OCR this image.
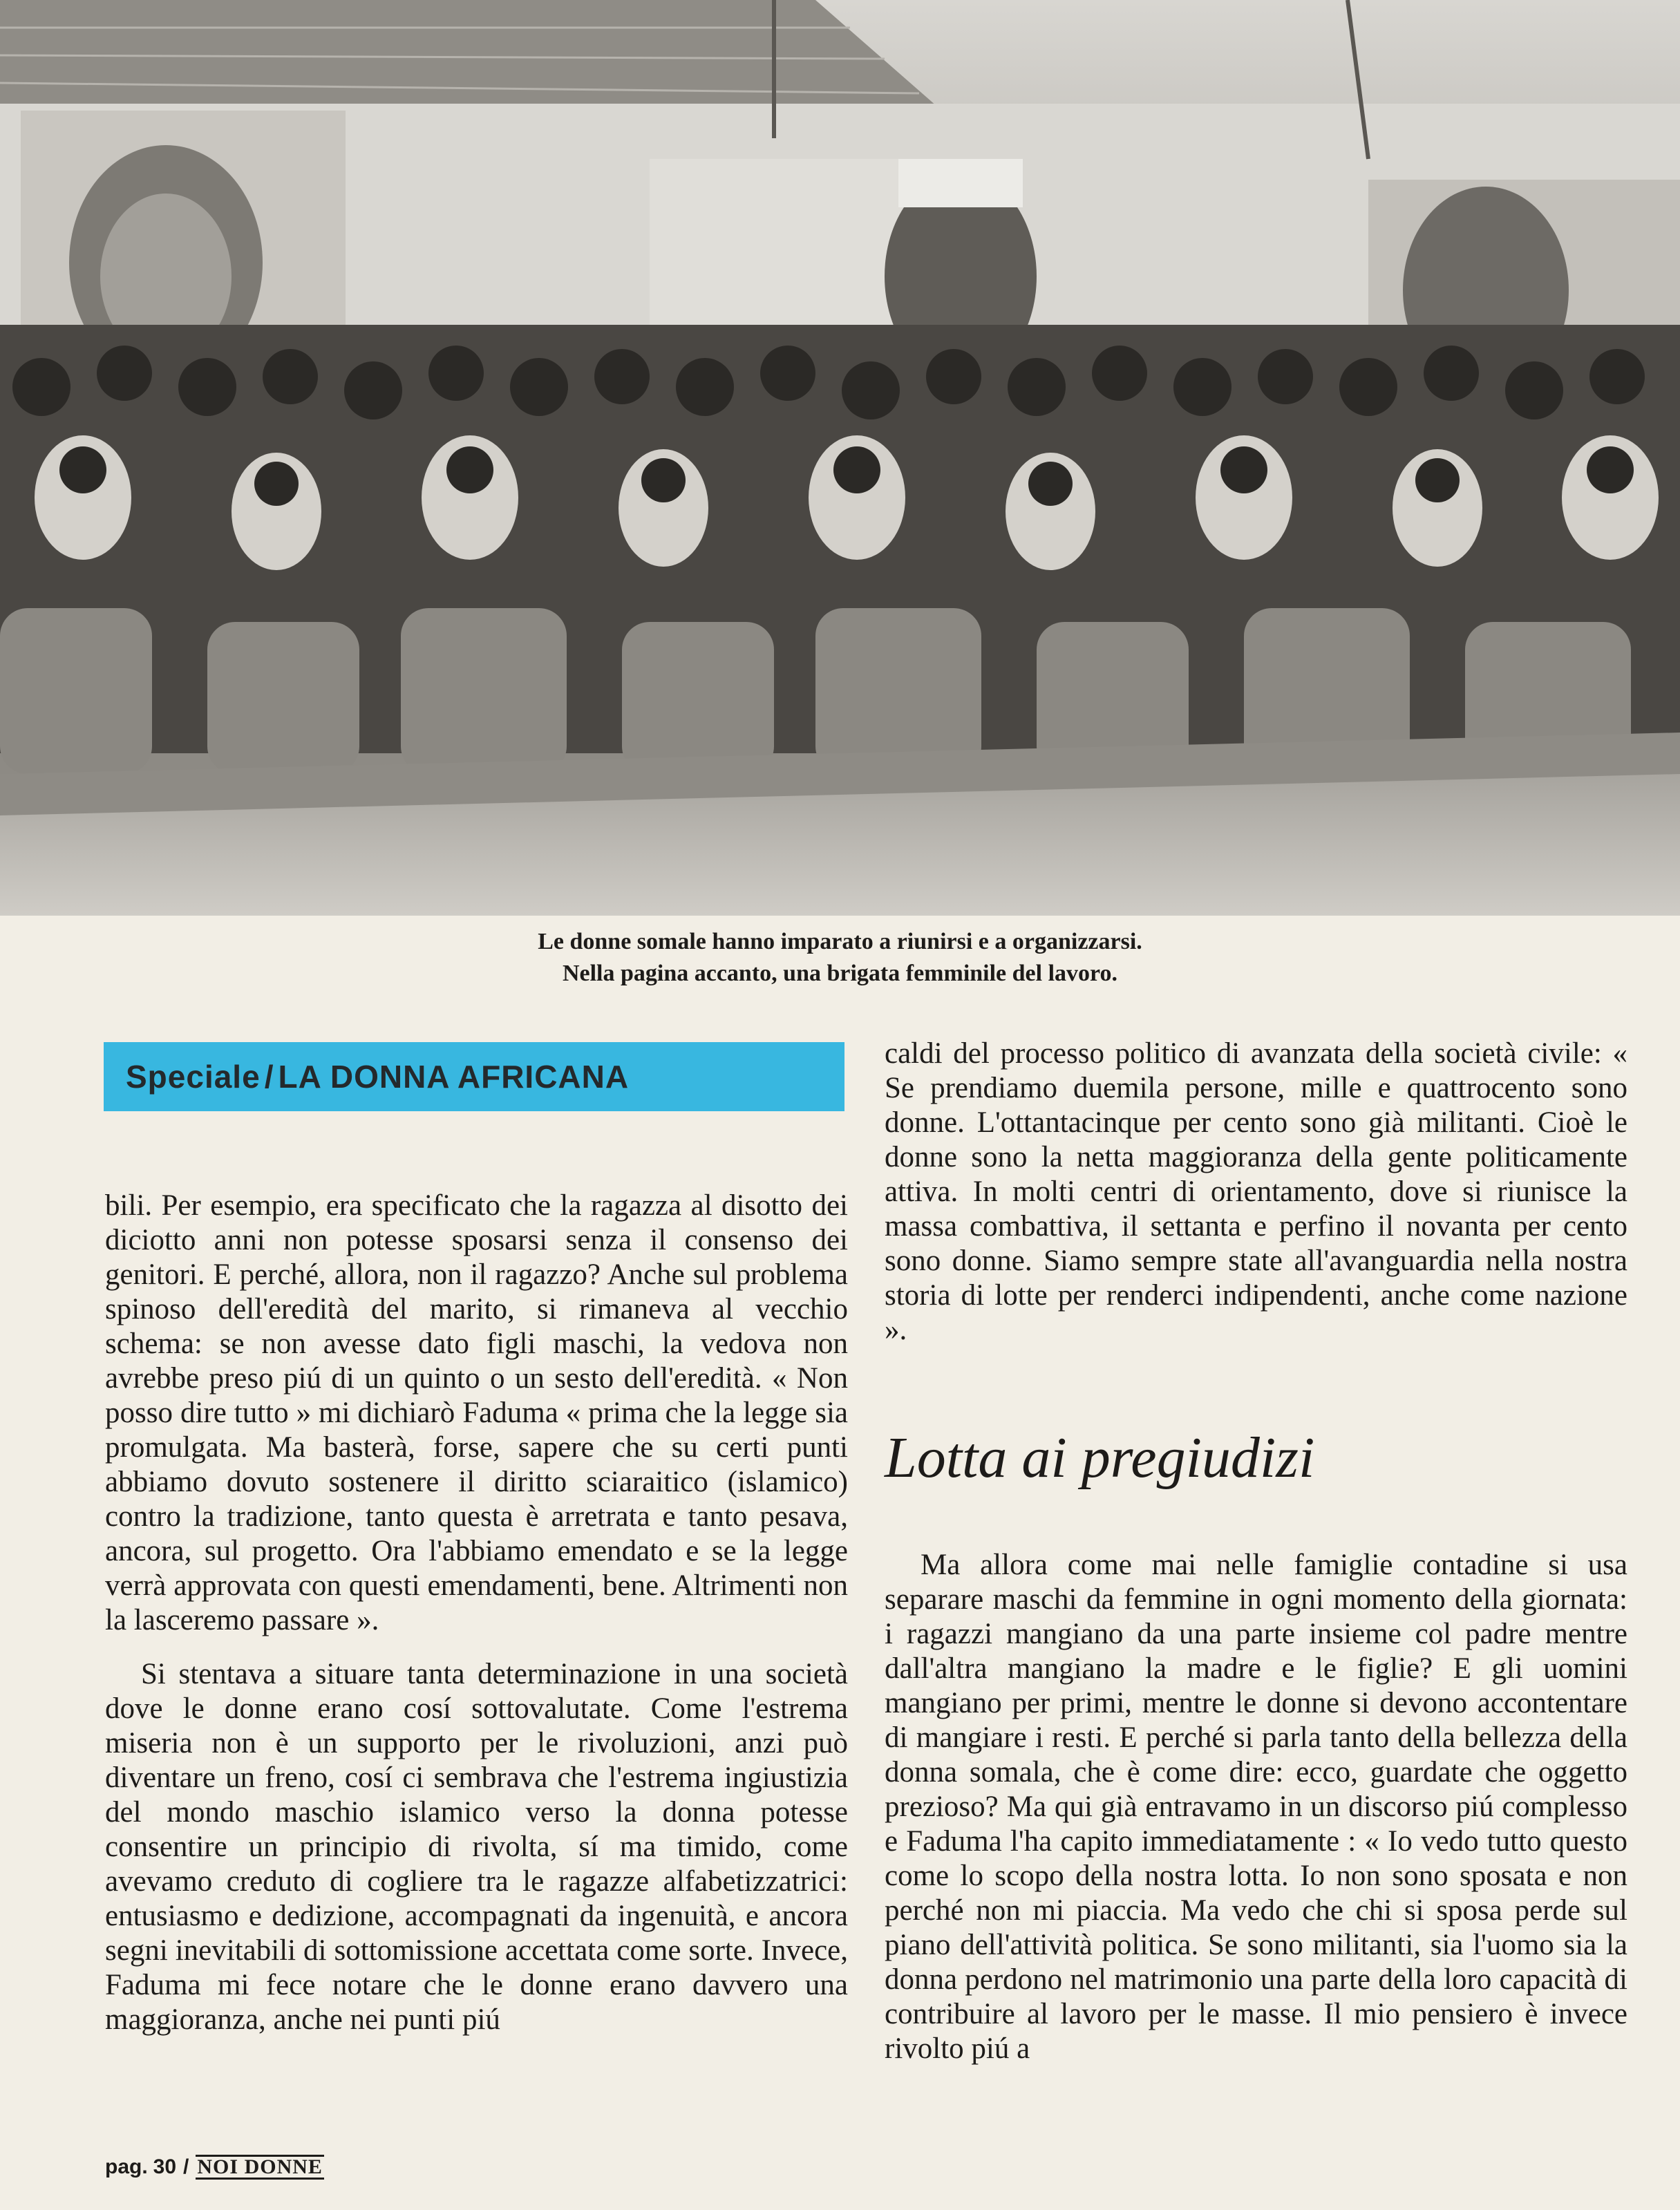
Le donne somale hanno imparato a riunirsi e a organizzarsi.

Nella pagina accanto, una brigata femminile del lavoro.

Speciale / LA DONNA AFRICANA

bili. Per esempio, era specificato che la ragazza al disotto dei diciotto anni non potesse sposarsi senza il consenso dei genitori. E perché, allora, non il ragazzo? Anche sul problema spinoso dell'eredità del marito, si rimaneva al vecchio schema: se non avesse dato figli maschi, la vedova non avrebbe preso piú di un quinto o un sesto dell'eredità. « Non posso dire tutto » mi dichiarò Faduma « prima che la legge sia promulgata. Ma basterà, forse, sapere che su certi punti abbiamo dovuto sostenere il diritto sciaraitico (islamico) contro la tradizione, tanto questa è arretrata e tanto pesava, ancora, sul progetto. Ora l'abbiamo emendato e se la legge verrà approvata con questi emendamenti, bene. Altrimenti non la lasceremo passare ».

Si stentava a situare tanta determinazione in una società dove le donne erano cosí sottovalutate. Come l'estrema miseria non è un supporto per le rivoluzioni, anzi può diventare un freno, cosí ci sembrava che l'estrema ingiustizia del mondo maschio islamico verso la donna potesse consentire un principio di rivolta, sí ma timido, come avevamo creduto di cogliere tra le ragazze alfabetizzatrici: entusiasmo e dedizione, accompagnati da ingenuità, e ancora segni inevitabili di sottomissione accettata come sorte. Invece, Faduma mi fece notare che le donne erano davvero una maggioranza, anche nei punti piú

caldi del processo politico di avanzata della società civile: « Se prendiamo duemila persone, mille e quattrocento sono donne. L'ottantacinque per cento sono già militanti. Cioè le donne sono la netta maggioranza della gente politicamente attiva. In molti centri di orientamento, dove si riunisce la massa combattiva, il settanta e perfino il novanta per cento sono donne. Siamo sempre state all'avanguardia nella nostra storia di lotte per renderci indipendenti, anche come nazione ».

Lotta ai pregiudizi

Ma allora come mai nelle famiglie contadine si usa separare maschi da femmine in ogni momento della giornata: i ragazzi mangiano da una parte insieme col padre mentre dall'altra mangiano la madre e le figlie? E gli uomini mangiano per primi, mentre le donne si devono accontentare di mangiare i resti. E perché si parla tanto della bellezza della donna somala, che è come dire: ecco, guardate che oggetto prezioso? Ma qui già entravamo in un discorso piú complesso e Faduma l'ha capito immediatamente : « Io vedo tutto questo come lo scopo della nostra lotta. Io non sono sposata e non perché non mi piaccia. Ma vedo che chi si sposa perde sul piano dell'attività politica. Se sono militanti, sia l'uomo sia la donna perdono nel matrimonio una parte della loro capacità di contribuire al lavoro per le masse. Il mio pensiero è invece rivolto piú a

pag. 30 / NOI DONNE
